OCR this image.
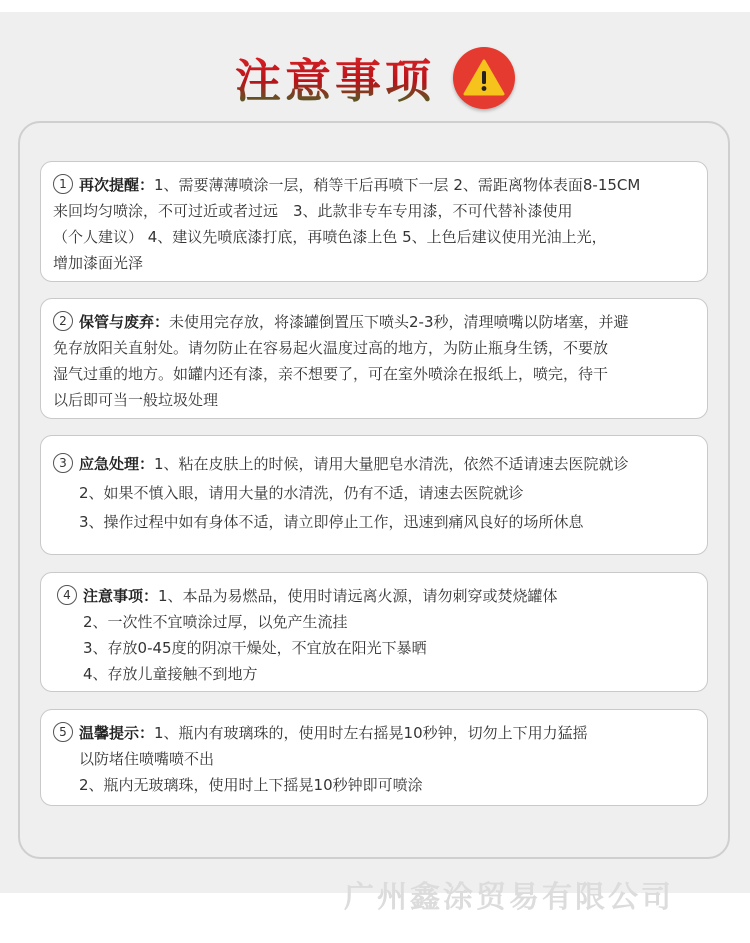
注意事项
1 再次提醒：1、需要薄薄喷涂一层，稍等干后再喷下一层 2、需距离物体表面8-15CM
来回均匀喷涂，不可过近或者过远　3、此款非专车专用漆，不可代替补漆使用
（个人建议） 4、建议先喷底漆打底，再喷色漆上色 5、上色后建议使用光油上光，
增加漆面光泽
2 保管与废弃：未使用完存放，将漆罐倒置压下喷头2-3秒，清理喷嘴以防堵塞，并避
免存放阳关直射处。请勿防止在容易起火温度过高的地方，为防止瓶身生锈，不要放
湿气过重的地方。如罐内还有漆，亲不想要了，可在室外喷涂在报纸上，喷完，待干
以后即可当一般垃圾处理
3 应急处理：1、粘在皮肤上的时候，请用大量肥皂水清洗，依然不适请速去医院就诊
2、如果不慎入眼，请用大量的水清洗，仍有不适，请速去医院就诊
3、操作过程中如有身体不适，请立即停止工作，迅速到痛风良好的场所休息
4 注意事项：1、本品为易燃品，使用时请远离火源，请勿刺穿或焚烧罐体
2、一次性不宜喷涂过厚，以免产生流挂
3、存放0-45度的阴凉干燥处，不宜放在阳光下暴晒
4、存放儿童接触不到地方
5 温馨提示：1、瓶内有玻璃珠的，使用时左右摇晃10秒钟，切勿上下用力猛摇
以防堵住喷嘴喷不出
2、瓶内无玻璃珠，使用时上下摇晃10秒钟即可喷涂
广州鑫涂贸易有限公司
